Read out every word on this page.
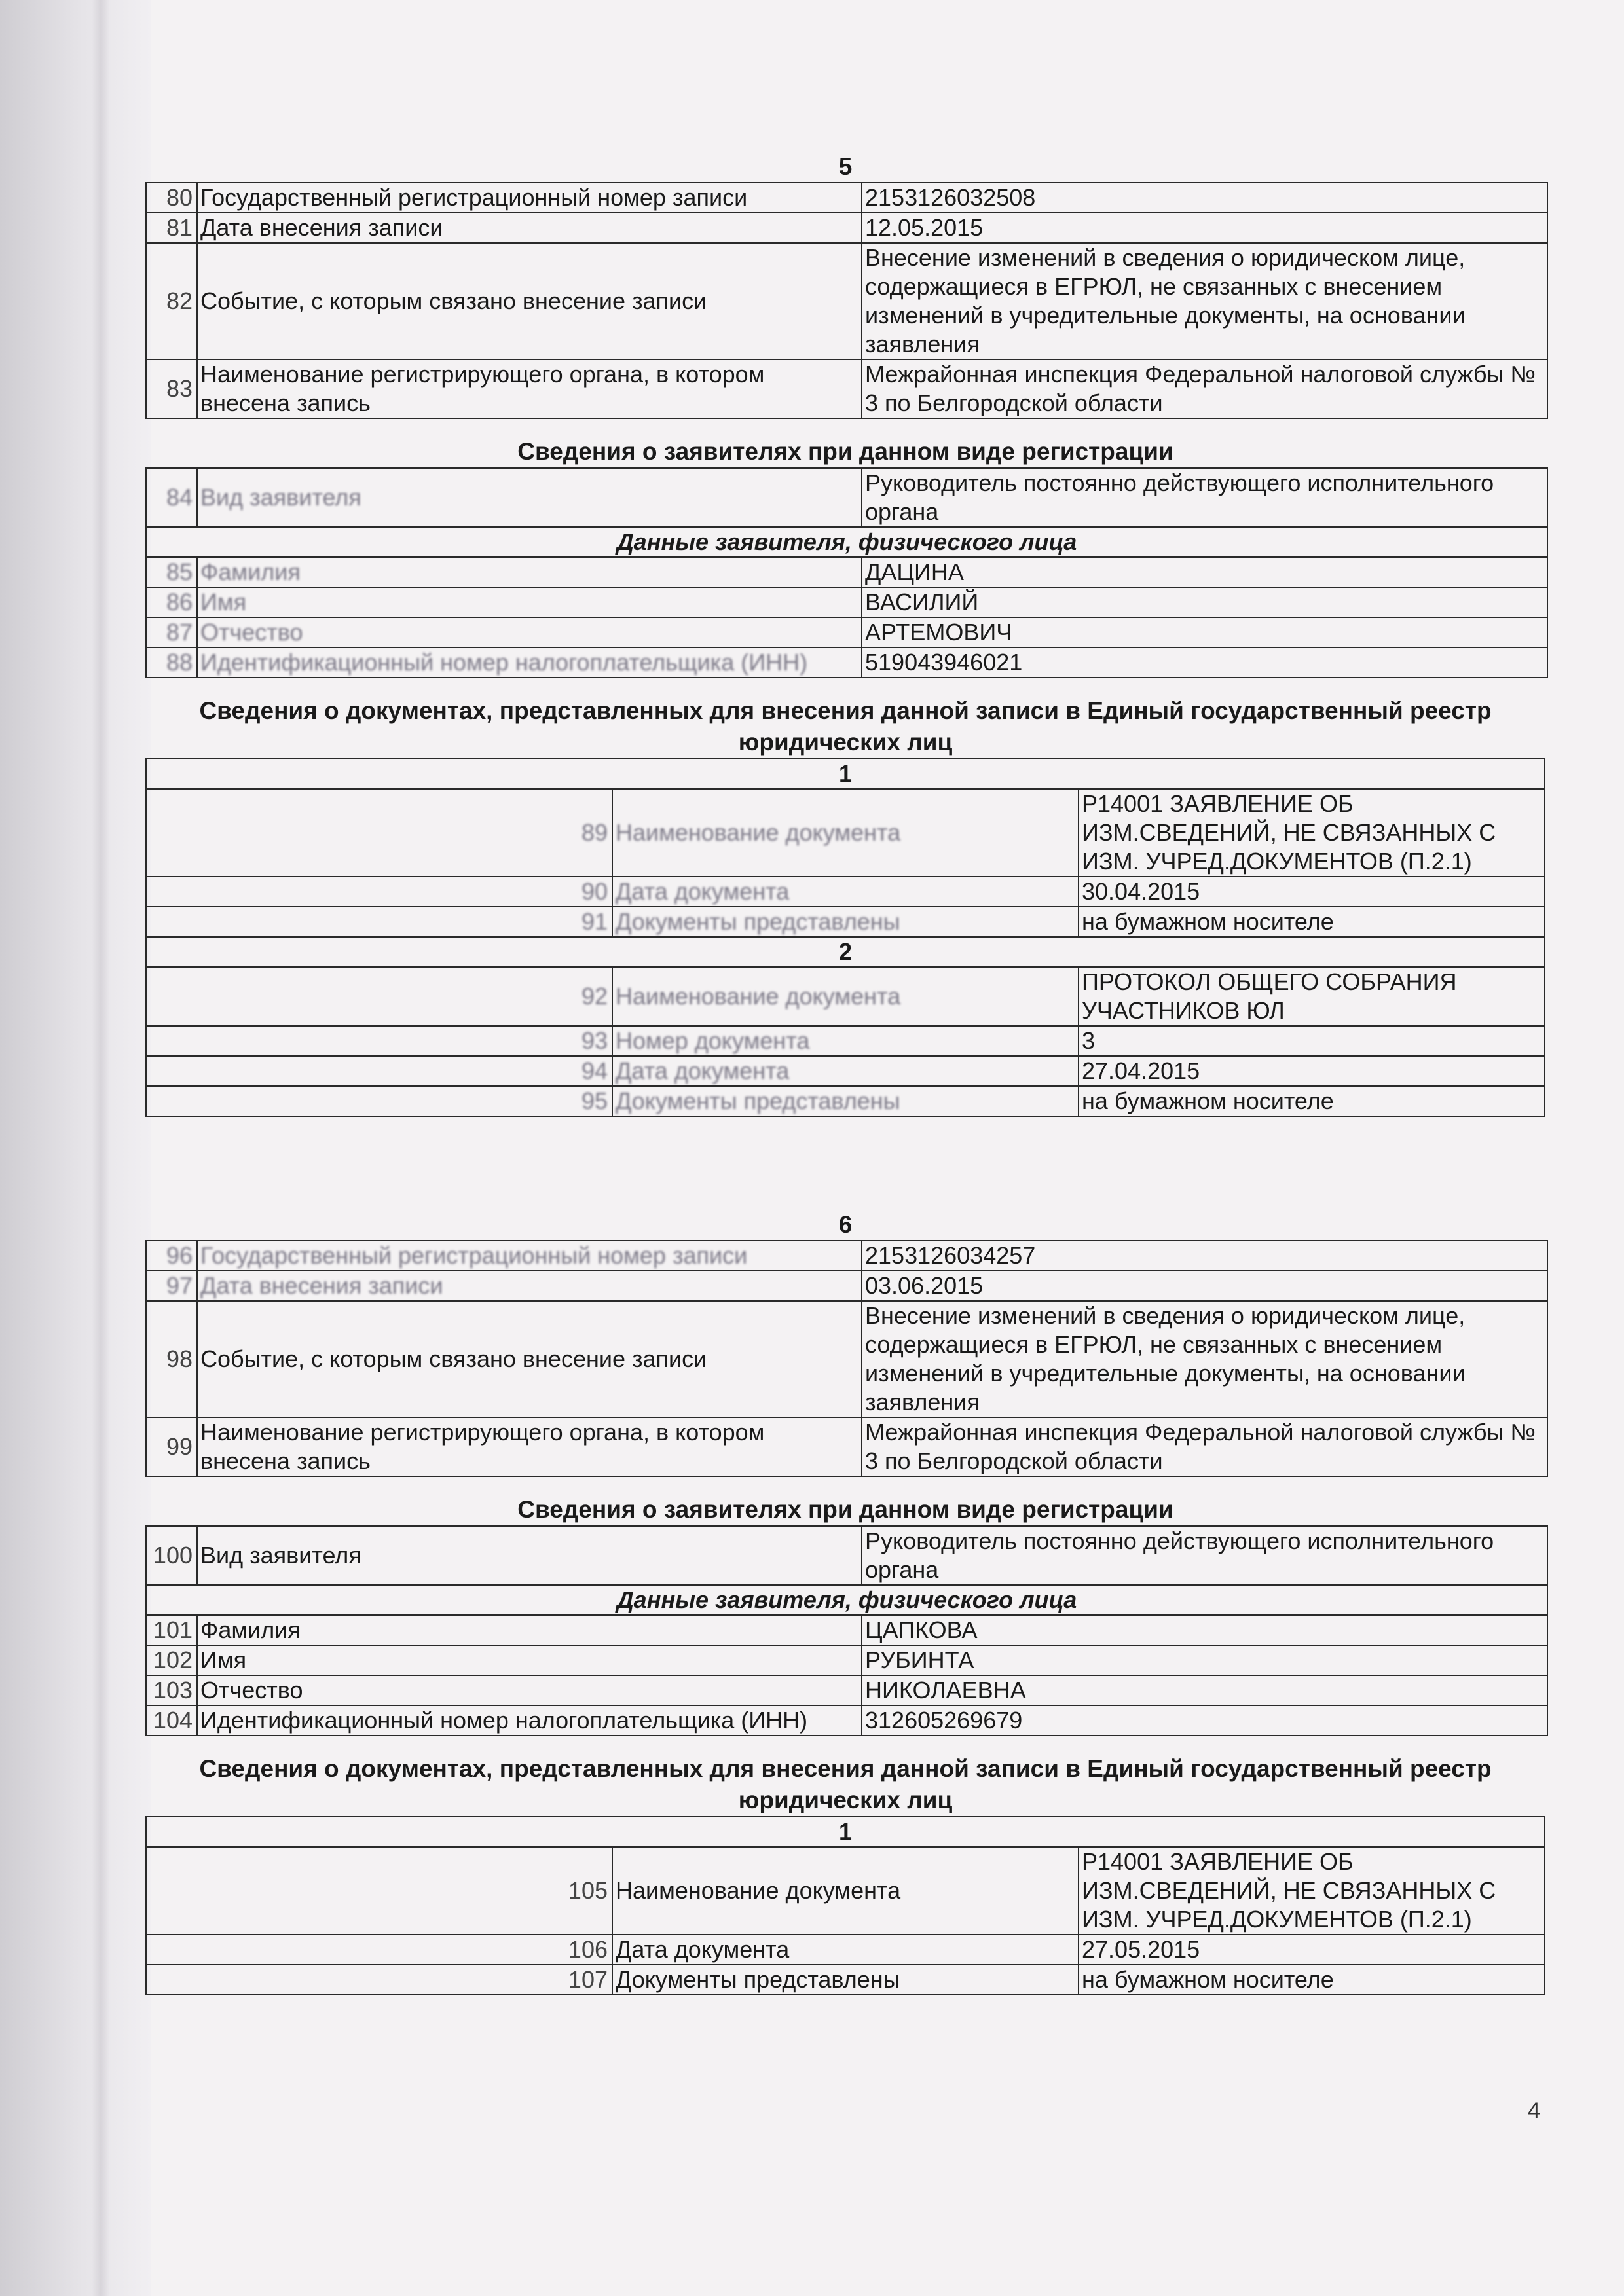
5
80	Государственный регистрационный номер записи	2153126032508
81	Дата внесения записи	12.05.2015
82	Событие, с которым связано внесение записи	Внесение изменений в сведения о юридическом лице, содержащиеся в ЕГРЮЛ, не связанных с внесением изменений в учредительные документы, на основании заявления
83	Наименование регистрирующего органа, в котором внесена запись	Межрайонная инспекция Федеральной налоговой службы № 3 по Белгородской области
Сведения о заявителях при данном виде регистрации
84	Вид заявителя	Руководитель постоянно действующего исполнительного органа
Данные заявителя, физического лица		
85	Фамилия	ДАЦИНА
86	Имя	ВАСИЛИЙ
87	Отчество	АРТЕМОВИЧ
88	Идентификационный номер налогоплательщика (ИНН)	519043946021
Сведения о документах, представленных для внесения данной записи в Единый государственный реестр юридических лиц
1		
89	Наименование документа	Р14001 ЗАЯВЛЕНИЕ ОБ ИЗМ.СВЕДЕНИЙ, НЕ СВЯЗАННЫХ С ИЗМ. УЧРЕД.ДОКУМЕНТОВ (П.2.1)
90	Дата документа	30.04.2015
91	Документы представлены	на бумажном носителе
2		
92	Наименование документа	ПРОТОКОЛ ОБЩЕГО СОБРАНИЯ УЧАСТНИКОВ ЮЛ
93	Номер документа	3
94	Дата документа	27.04.2015
95	Документы представлены	на бумажном носителе
6
96	Государственный регистрационный номер записи	2153126034257
97	Дата внесения записи	03.06.2015
98	Событие, с которым связано внесение записи	Внесение изменений в сведения о юридическом лице, содержащиеся в ЕГРЮЛ, не связанных с внесением изменений в учредительные документы, на основании заявления
99	Наименование регистрирующего органа, в котором внесена запись	Межрайонная инспекция Федеральной налоговой службы № 3 по Белгородской области
Сведения о заявителях при данном виде регистрации
100	Вид заявителя	Руководитель постоянно действующего исполнительного органа
Данные заявителя, физического лица		
101	Фамилия	ЦАПКОВА
102	Имя	РУБИНТА
103	Отчество	НИКОЛАЕВНА
104	Идентификационный номер налогоплательщика (ИНН)	312605269679
Сведения о документах, представленных для внесения данной записи в Единый государственный реестр юридических лиц
1		
105	Наименование документа	Р14001 ЗАЯВЛЕНИЕ ОБ ИЗМ.СВЕДЕНИЙ, НЕ СВЯЗАННЫХ С ИЗМ. УЧРЕД.ДОКУМЕНТОВ (П.2.1)
106	Дата документа	27.05.2015
107	Документы представлены	на бумажном носителе
4
